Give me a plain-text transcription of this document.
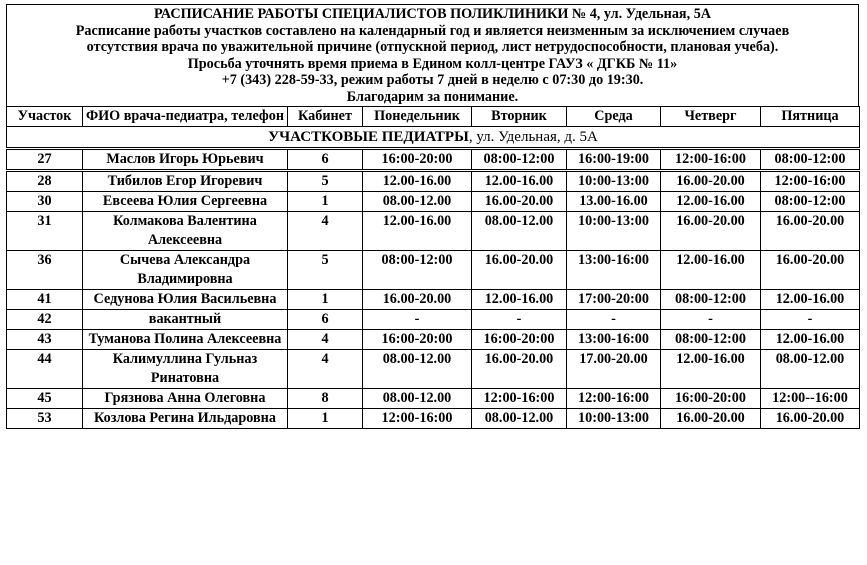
РАСПИСАНИЕ РАБОТЫ СПЕЦИАЛИСТОВ ПОЛИКЛИНИКИ № 4, ул. Удельная, 5А
Расписание работы участков составлено на календарный год и является неизменным за исключением случаев
отсутствия врача по уважительной причине (отпускной период, лист нетрудоспособности, плановая учеба).
Просьба уточнять время приема в Едином колл-центре ГАУЗ « ДГКБ № 11»
+7 (343) 228-59-33, режим работы 7 дней в неделю с 07:30 до 19:30.
Благодарим за понимание.
Участок	ФИО врача-педиатра, телефон	Кабинет	Понедельник	Вторник	Среда	Четверг	Пятница
УЧАСТКОВЫЕ ПЕДИАТРЫ, ул. Удельная, д. 5А							
27	Маслов Игорь Юрьевич	6	16:00-20:00	08:00-12:00	16:00-19:00	12:00-16:00	08:00-12:00
28	Тибилов Егор Игоревич	5	12.00-16.00	12.00-16.00	10:00-13:00	16.00-20.00	12:00-16:00
30	Евсеева Юлия Сергеевна	1	08.00-12.00	16.00-20.00	13.00-16.00	12.00-16.00	08:00-12:00
31	Колмакова Валентина Алексеевна	4	12.00-16.00	08.00-12.00	10:00-13:00	16.00-20.00	16.00-20.00
36	Сычева Александра Владимировна	5	08:00-12:00	16.00-20.00	13:00-16:00	12.00-16.00	16.00-20.00
41	Седунова Юлия Васильевна	1	16.00-20.00	12.00-16.00	17:00-20:00	08:00-12:00	12.00-16.00
42	вакантный	6	-	-	-	-	-
43	Туманова Полина Алексеевна	4	16:00-20:00	16:00-20:00	13:00-16:00	08:00-12:00	12.00-16.00
44	Калимуллина Гульназ Ринатовна	4	08.00-12.00	16.00-20.00	17.00-20.00	12.00-16.00	08.00-12.00
45	Грязнова Анна Олеговна	8	08.00-12.00	12:00-16:00	12:00-16:00	16:00-20:00	12:00--16:00
53	Козлова Регина Ильдаровна	1	12:00-16:00	08.00-12.00	10:00-13:00	16.00-20.00	16.00-20.00
